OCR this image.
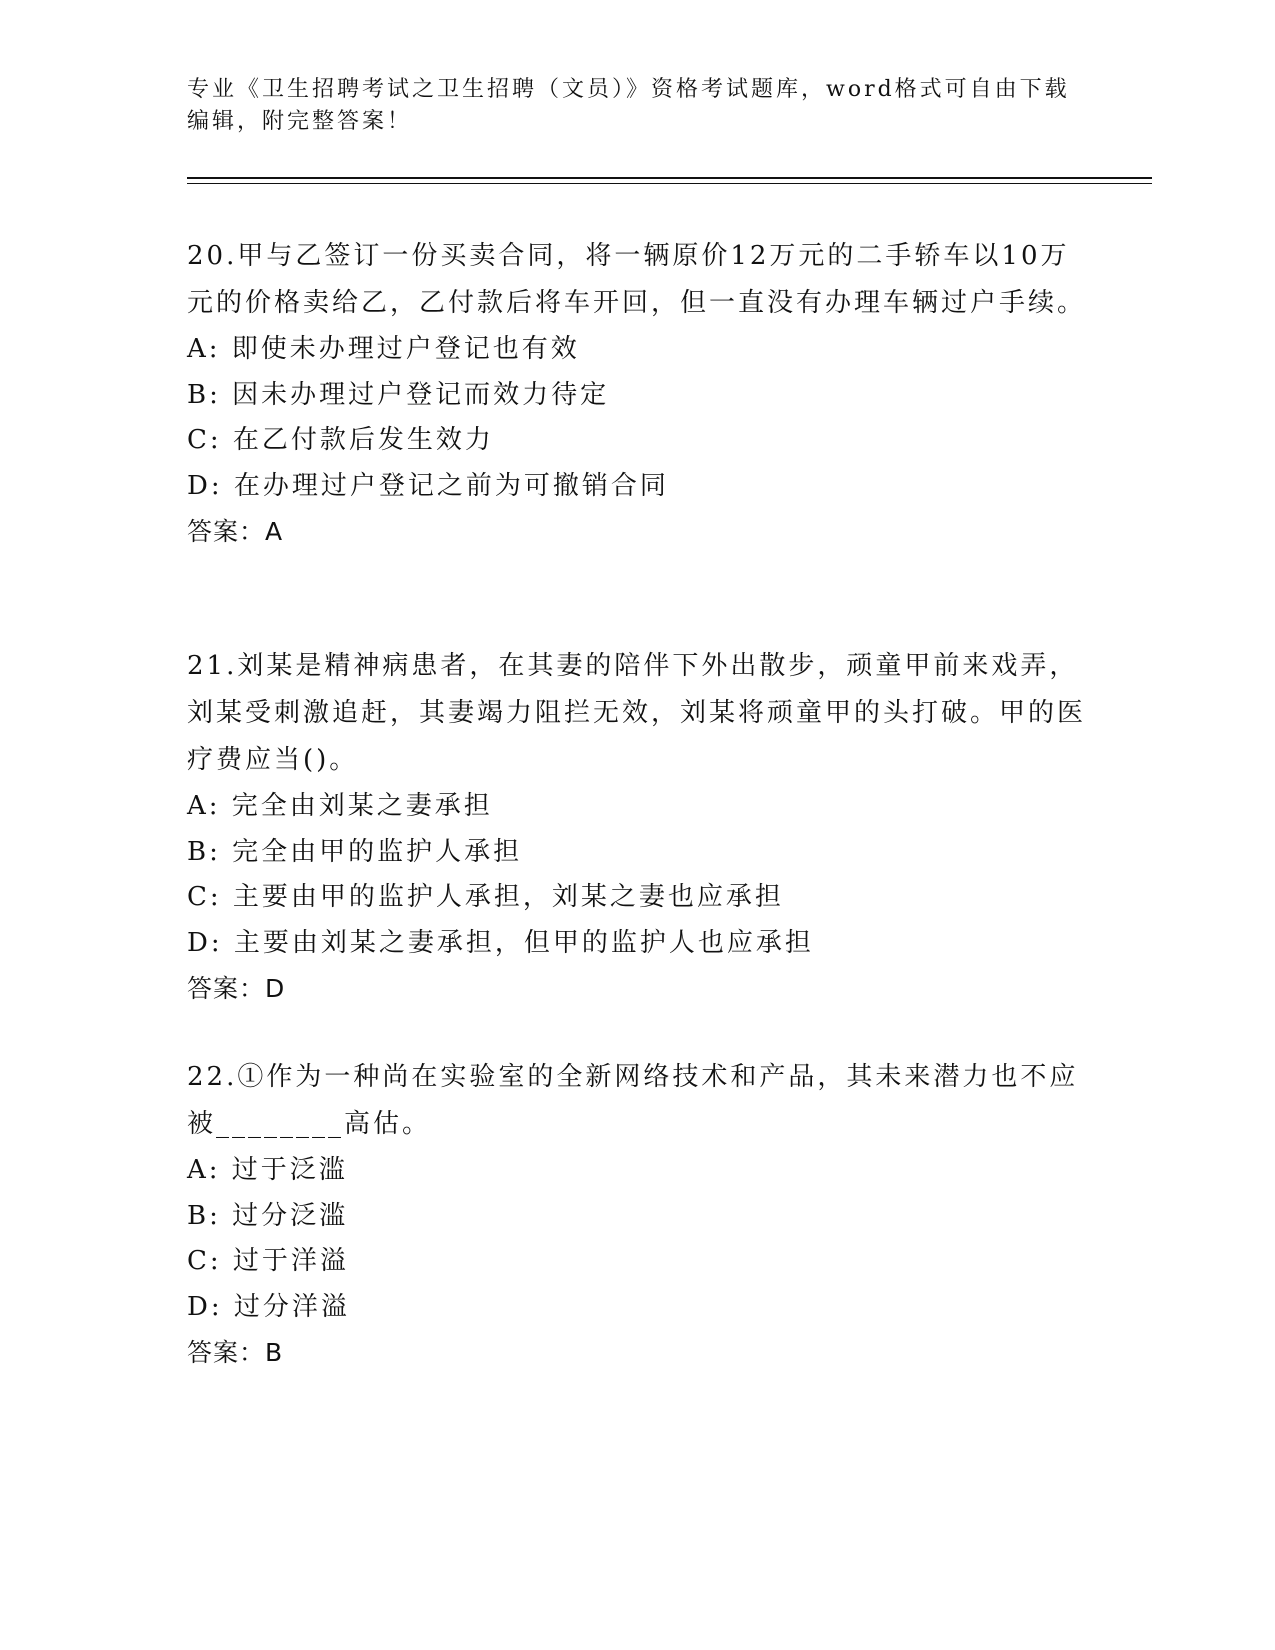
专业《卫生招聘考试之卫生招聘（文员）》资格考试题库，word格式可自由下载编辑，附完整答案！

20.甲与乙签订一份买卖合同，将一辆原价12万元的二手轿车以10万元的价格卖给乙，乙付款后将车开回，但一直没有办理车辆过户手续。

A: 即使未办理过户登记也有效

B: 因未办理过户登记而效力待定

C: 在乙付款后发生效力

D: 在办理过户登记之前为可撤销合同

答案：A

21.刘某是精神病患者，在其妻的陪伴下外出散步，顽童甲前来戏弄，刘某受刺激追赶，其妻竭力阻拦无效，刘某将顽童甲的头打破。甲的医疗费应当()。

A: 完全由刘某之妻承担

B: 完全由甲的监护人承担

C: 主要由甲的监护人承担，刘某之妻也应承担

D: 主要由刘某之妻承担，但甲的监护人也应承担

答案：D

22.①作为一种尚在实验室的全新网络技术和产品，其未来潜力也不应被________高估。

A: 过于泛滥

B: 过分泛滥

C: 过于洋溢

D: 过分洋溢

答案：B
